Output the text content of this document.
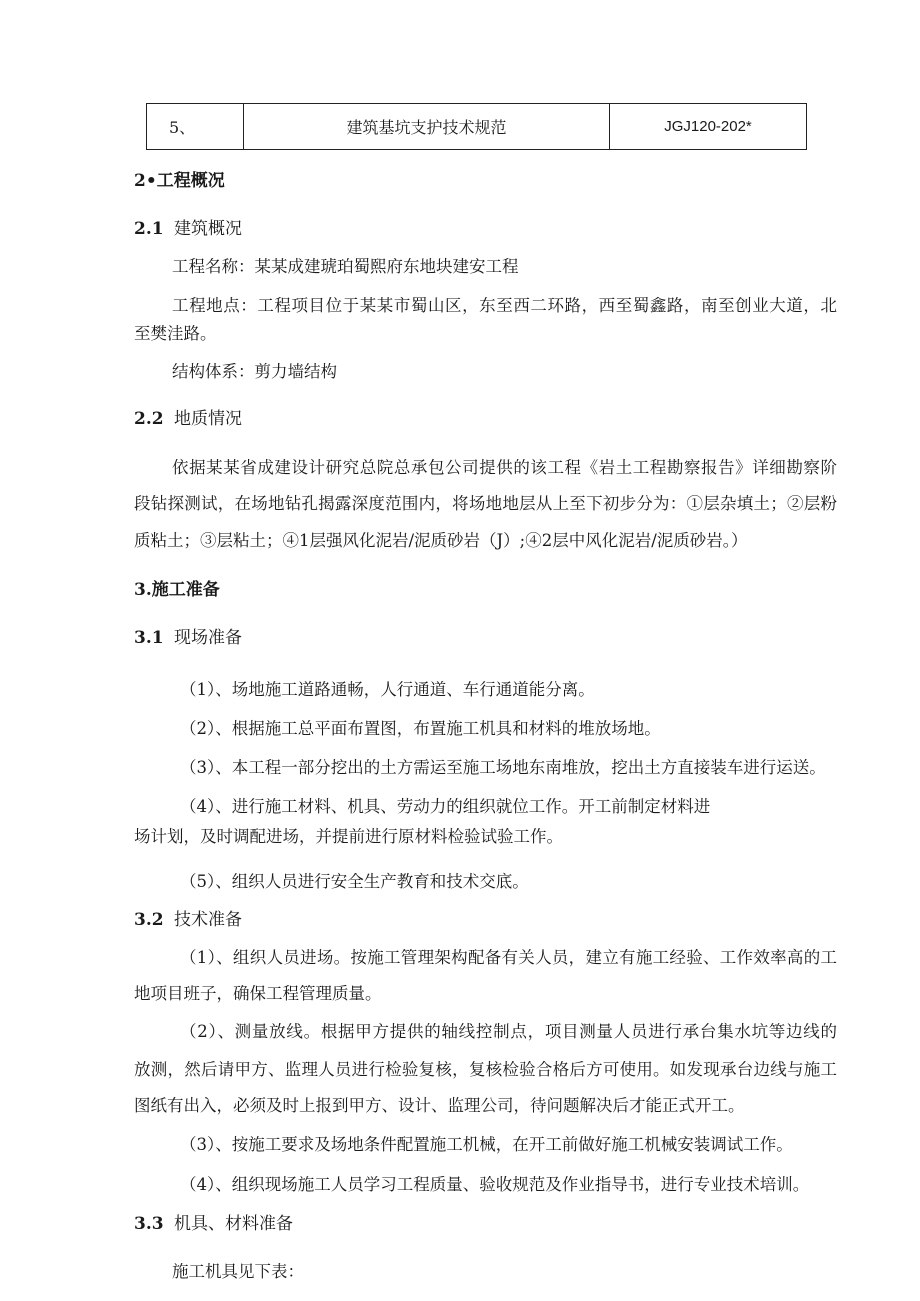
5、	建筑基坑支护技术规范	JGJ120-202*
2•工程概况
2.1 建筑概况
工程名称：某某成建琥珀蜀熙府东地块建安工程
工程地点：工程项目位于某某市蜀山区，东至西二环路，西至蜀鑫路，南至创业大道，北
至樊洼路。
结构体系：剪力墙结构
2.2 地质情况
依据某某省成建设计研究总院总承包公司提供的该工程《岩土工程勘察报告》详细勘察阶
段钻探测试，在场地钻孔揭露深度范围内，将场地地层从上至下初步分为：①层杂填土；②层粉
质粘土；③层粘土；④1层强风化泥岩/泥质砂岩（J）;④2层中风化泥岩/泥质砂岩。）
3.施工准备
3.1 现场准备
（1）、场地施工道路通畅，人行通道、车行通道能分离。
（2）、根据施工总平面布置图，布置施工机具和材料的堆放场地。
（3）、本工程一部分挖出的土方需运至施工场地东南堆放，挖出土方直接装车进行运送。
（4）、进行施工材料、机具、劳动力的组织就位工作。开工前制定材料进
场计划，及时调配进场，并提前进行原材料检验试验工作。
（5）、组织人员进行安全生产教育和技术交底。
3.2 技术准备
（1）、组织人员进场。按施工管理架构配备有关人员，建立有施工经验、工作效率高的工
地项目班子，确保工程管理质量。
（2）、测量放线。根据甲方提供的轴线控制点，项目测量人员进行承台集水坑等边线的
放测，然后请甲方、监理人员进行检验复核，复核检验合格后方可使用。如发现承台边线与施工
图纸有出入，必须及时上报到甲方、设计、监理公司，待问题解决后才能正式开工。
（3）、按施工要求及场地条件配置施工机械，在开工前做好施工机械安装调试工作。
（4）、组织现场施工人员学习工程质量、验收规范及作业指导书，进行专业技术培训。
3.3 机具、材料准备
施工机具见下表：
